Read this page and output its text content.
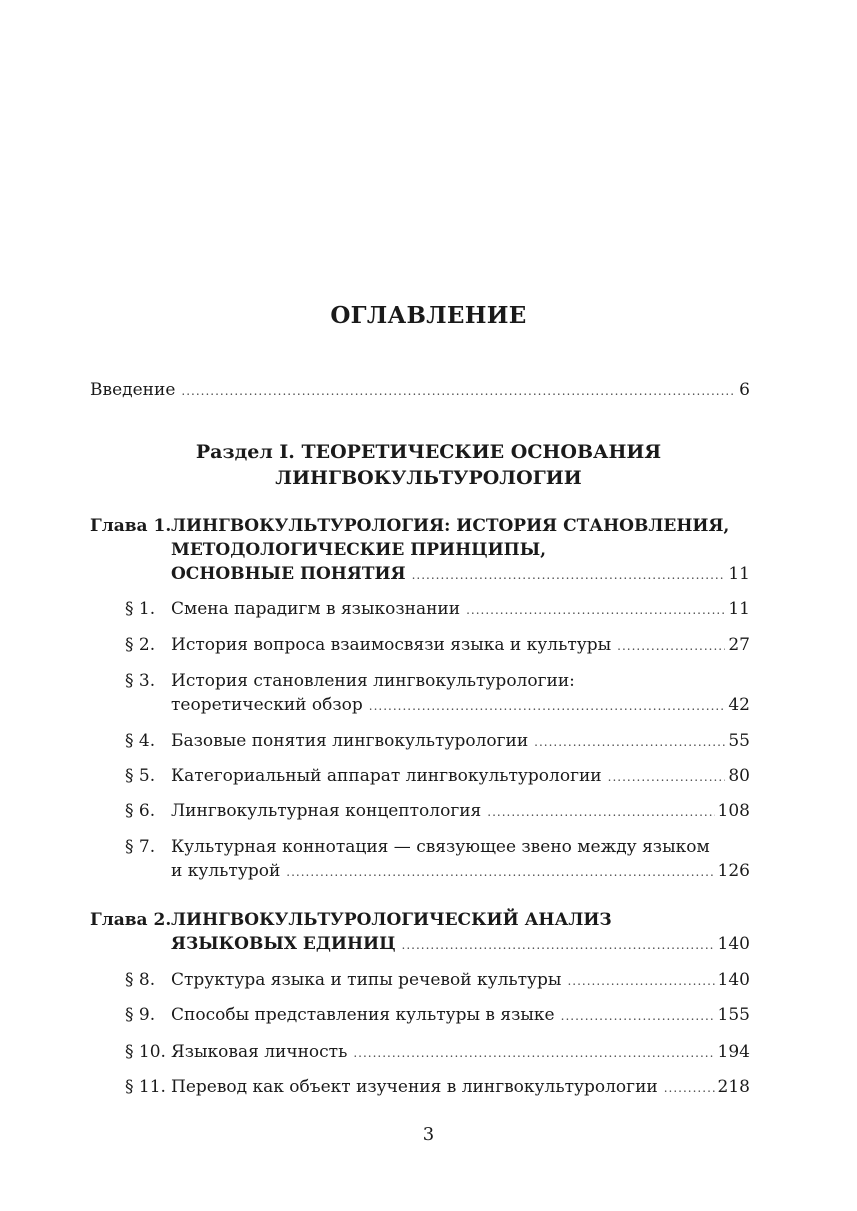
ОГЛАВЛЕНИЕ
Введение .....	6
Раздел I. ТЕОРЕТИЧЕСКИЕ ОСНОВАНИЯ
ЛИНГВОКУЛЬТУРОЛОГИИ
Глава 1. ЛИНГВОКУЛЬТУРОЛОГИЯ: ИСТОРИЯ СТАНОВЛЕНИЯ,
МЕТОДОЛОГИЧЕСКИЕ ПРИНЦИПЫ,
ОСНОВНЫЕ ПОНЯТИЯ .....	11
§ 1. Смена парадигм в языкознании .....	11
§ 2. История вопроса взаимосвязи языка и культуры .....	27
§ 3. История становления лингвокультурологии:
теоретический обзор .....	42
§ 4. Базовые понятия лингвокультурологии .....	55
§ 5. Категориальный аппарат лингвокультурологии .....	80
§ 6. Лингвокультурная концептология .....	108
§ 7. Культурная коннотация — связующее звено между языком
и культурой .....	126
Глава 2. ЛИНГВОКУЛЬТУРОЛОГИЧЕСКИЙ АНАЛИЗ
ЯЗЫКОВЫХ ЕДИНИЦ .....	140
§ 8. Структура языка и типы речевой культуры .....	140
§ 9. Способы представления культуры в языке .....	155
§ 10. Языковая личность .....	194
§ 11. Перевод как объект изучения в лингвокультурологии .....	218
3
